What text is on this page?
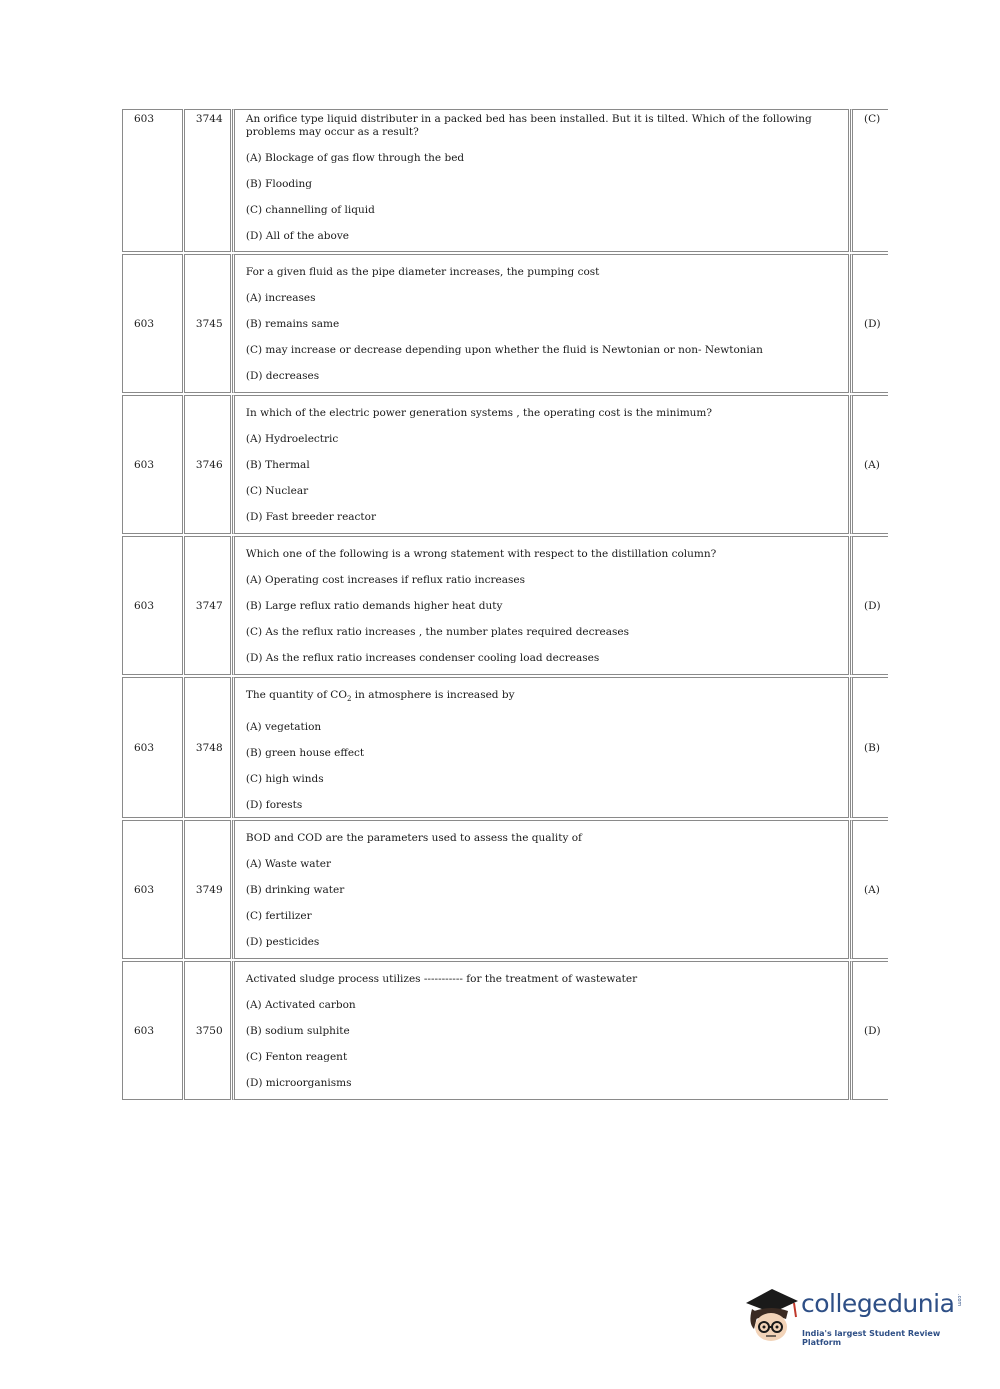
603	3744 An orifice type liquid distributer in a packed bed has been installed. But it is tilted. Which of the following problems may occur as a result?

(A) Blockage of gas flow through the bed

(B) Flooding

(C) channelling of liquid

(D) All of the above

(C)
603	3745

For a given fluid as the pipe diameter increases, the pumping cost

(A) increases

(B) remains same

(C) may increase or decrease depending upon whether the fluid is Newtonian or non- Newtonian

(D) decreases

(D)
603	3746

In which of the electric power generation systems , the operating cost is the minimum?

(A) Hydroelectric

(B) Thermal

(C) Nuclear

(D) Fast breeder reactor

(A)
603	3747

Which one of the following is a wrong statement with respect to the distillation column?

(A) Operating cost increases if reflux ratio increases

(B) Large reflux ratio demands higher heat duty

(C) As the reflux ratio increases , the number plates required decreases

(D) As the reflux ratio increases condenser cooling load decreases

(D)
603	3748

The quantity of $CO_2$ in atmosphere is increased by

(A) vegetation

(B) green house effect

(C) high winds

(D) forests

(B)
603	3749

BOD and COD are the parameters used to assess the quality of

(A) Waste water

(B) drinking water

(C) fertilizer

(D) pesticides

(A)
603	3750

Activated sludge process utilizes ----------- for the treatment of wastewater

(A) Activated carbon

(B) sodium sulphite

(C) Fenton reagent

(D) microorganisms

(D)
collegedunia .com
India's largest Student Review Platform
